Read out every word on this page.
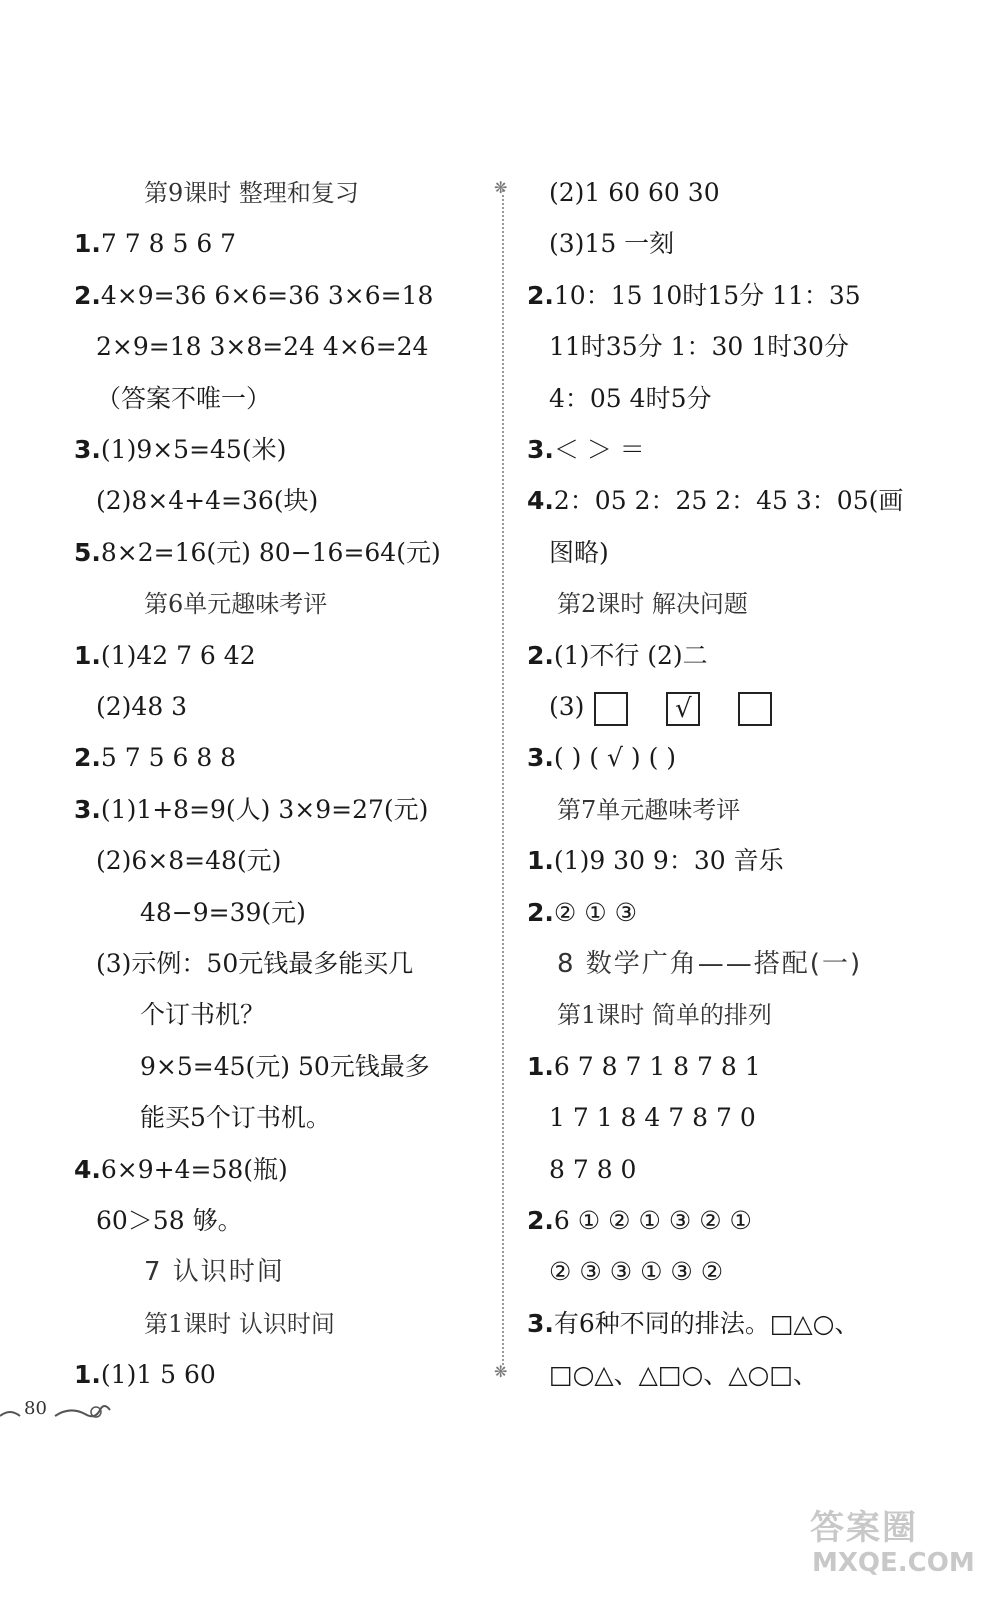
第9课时 整理和复习
1.7 7 8 5 6 7
2.4×9=36 6×6=36 3×6=18
2×9=18 3×8=24 4×6=24
（答案不唯一）
3.(1)9×5=45(米)
(2)8×4+4=36(块)
5.8×2=16(元) 80−16=64(元)
第6单元趣味考评
1.(1)42 7 6 42
(2)48 3
2.5 7 5 6 8 8
3.(1)1+8=9(人) 3×9=27(元)
(2)6×8=48(元)
48−9=39(元)
(3)示例：50元钱最多能买几
个订书机？
9×5=45(元) 50元钱最多
能买5个订书机。
4.6×9+4=58(瓶)
60＞58 够。
7 认识时间
第1课时 认识时间
1.(1)1 5 60
❋
❋
(2)1 60 60 30
(3)15 一刻
2.10：15 10时15分 11：35
11时35分 1：30 1时30分
4：05 4时5分
3.＜ ＞ ＝
4.2：05 2：25 2：45 3：05(画
图略)
第2课时 解决问题
2.(1)不行 (2)二
(3)	√
3.( ) ( √ ) ( )
第7单元趣味考评
1.(1)9 30 9：30 音乐
2.② ① ③
8 数学广角——搭配(一)
第1课时 简单的排列
1.6 7 8 7 1 8 7 8 1
1 7 1 8 4 7 8 7 0
8 7 8 0
2.6 ① ② ① ③ ② ①
② ③ ③ ① ③ ②
3.有6种不同的排法。□△○、
□○△、△□○、△○□、
80
答案圈
MXQE.COM
